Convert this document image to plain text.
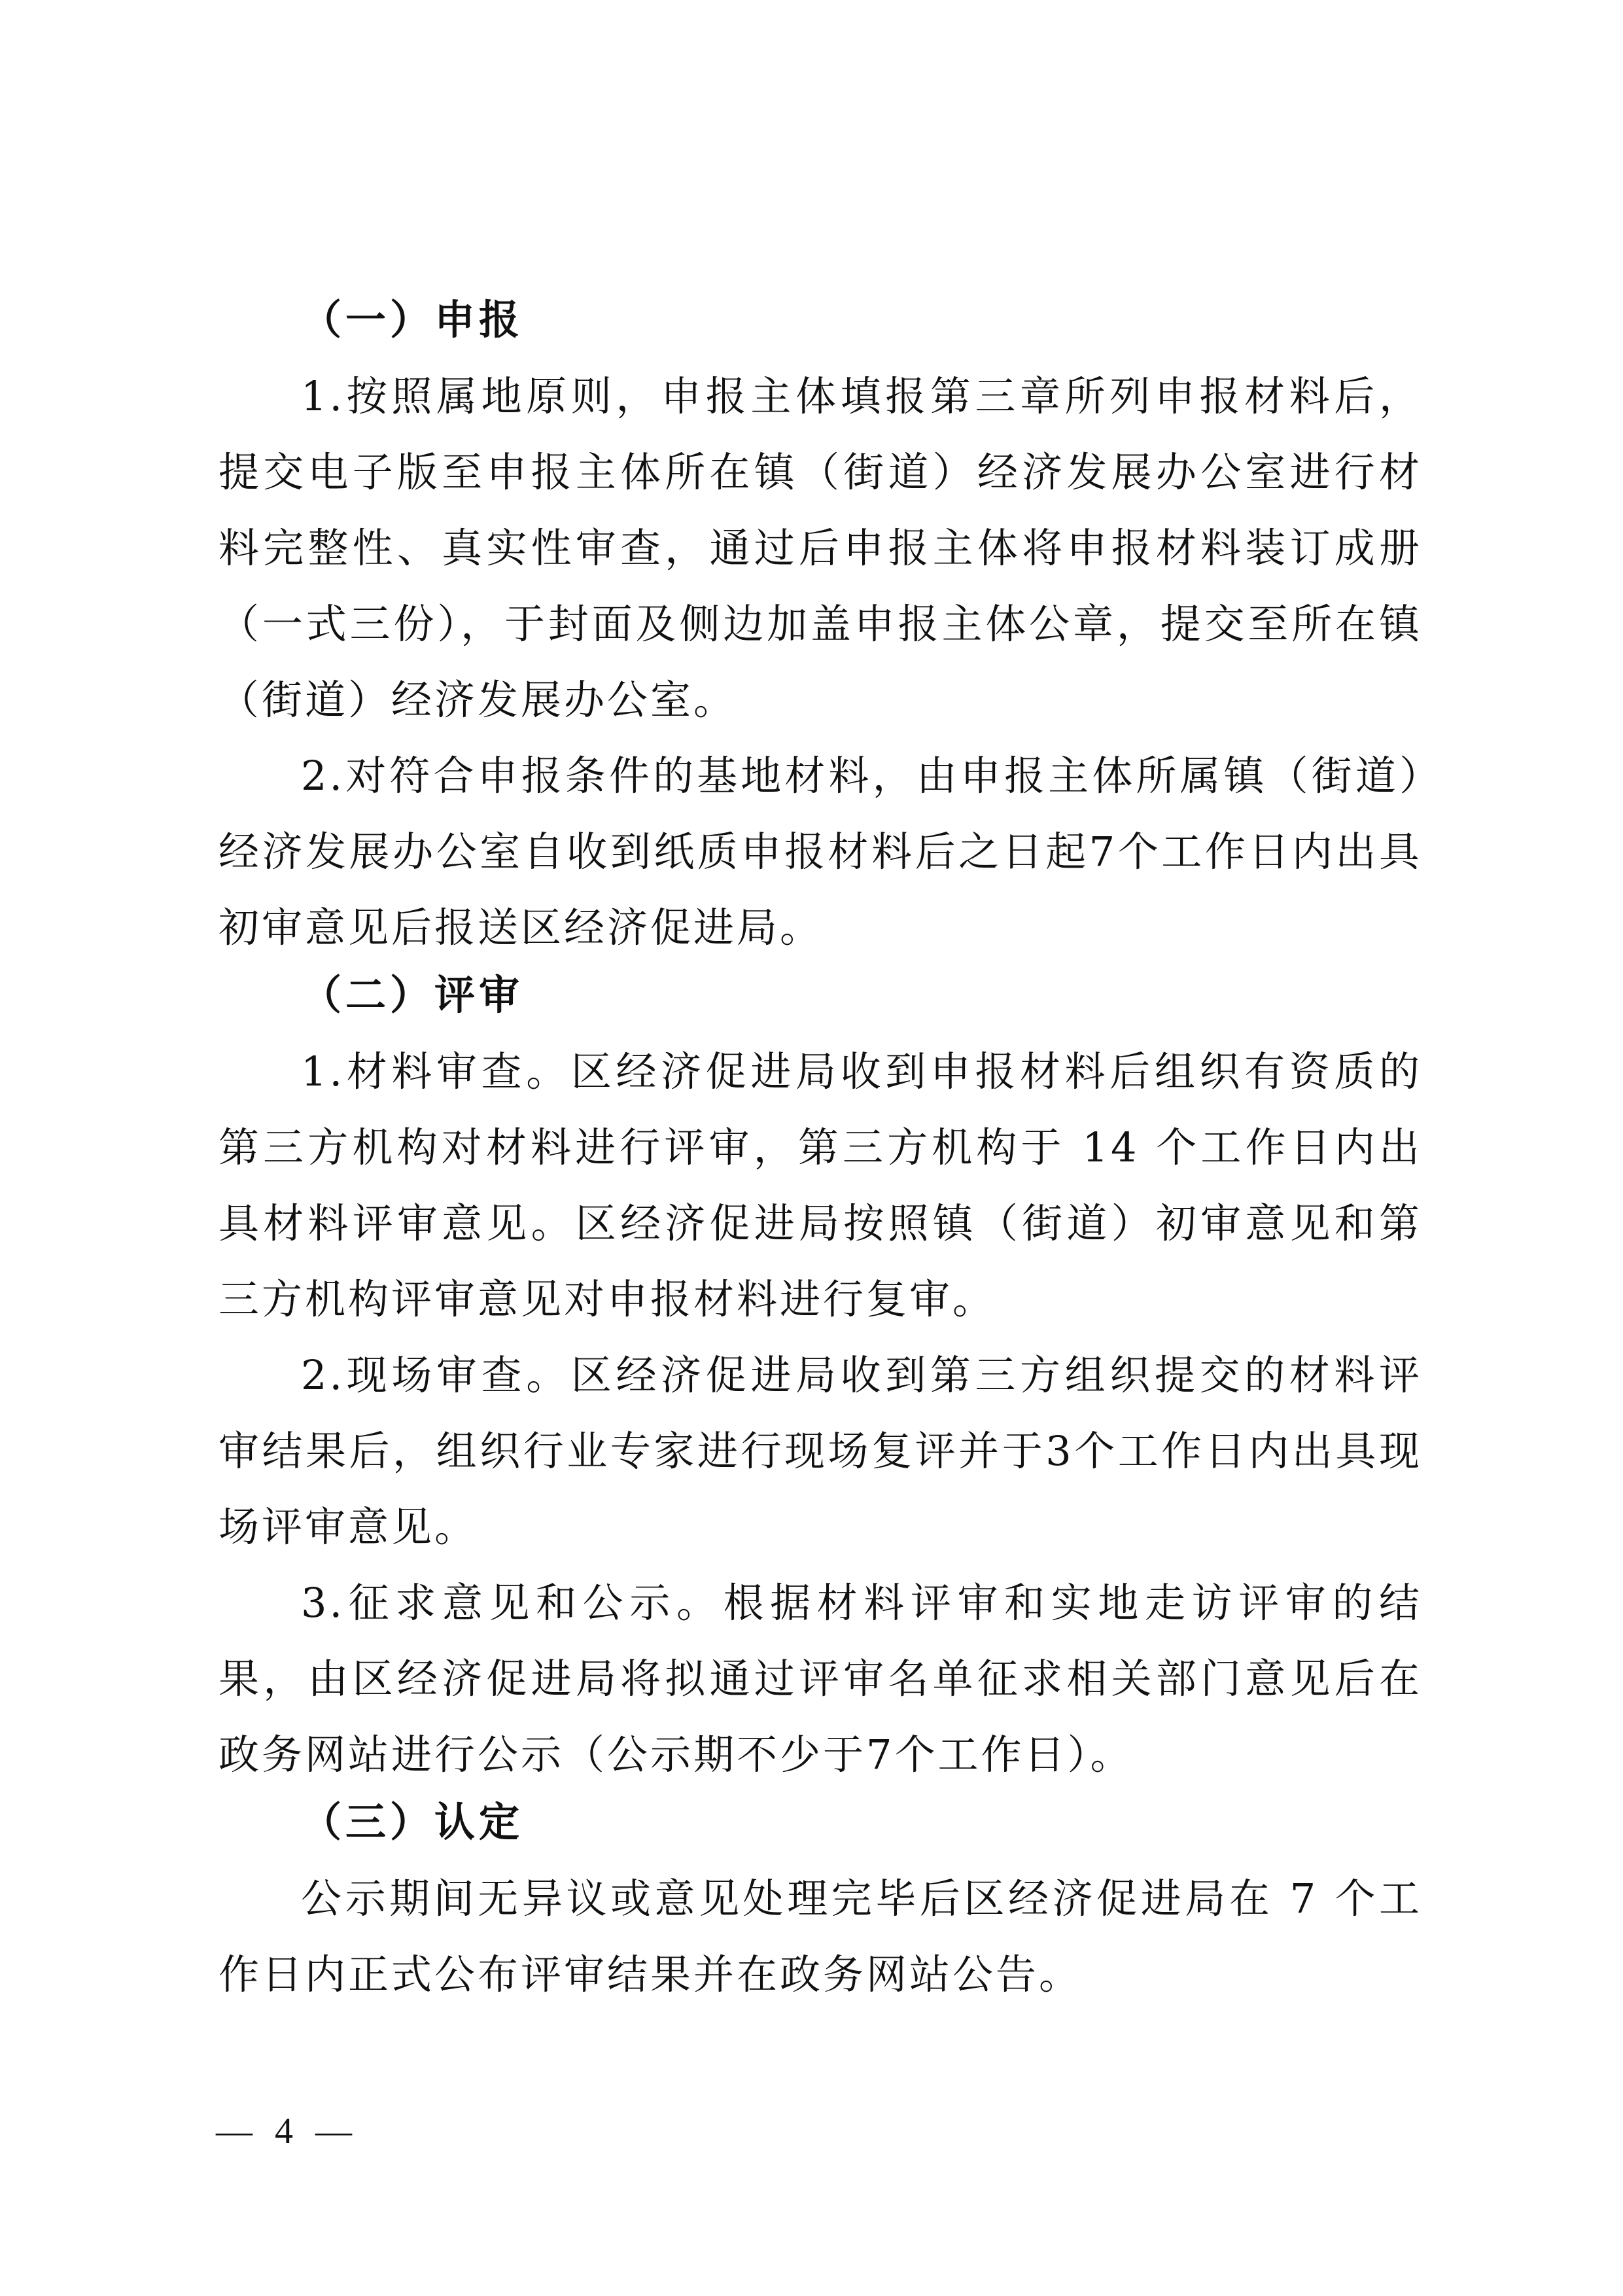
（一）申报

1.按照属地原则，申报主体填报第三章所列申报材料后，提交电子版至申报主体所在镇（街道）经济发展办公室进行材料完整性、真实性审查，通过后申报主体将申报材料装订成册（一式三份），于封面及侧边加盖申报主体公章，提交至所在镇（街道）经济发展办公室。

2.对符合申报条件的基地材料，由申报主体所属镇（街道）经济发展办公室自收到纸质申报材料后之日起7个工作日内出具初审意见后报送区经济促进局。

（二）评审

1.材料审查。区经济促进局收到申报材料后组织有资质的第三方机构对材料进行评审，第三方机构于 14 个工作日内出具材料评审意见。区经济促进局按照镇（街道）初审意见和第三方机构评审意见对申报材料进行复审。

2.现场审查。区经济促进局收到第三方组织提交的材料评审结果后，组织行业专家进行现场复评并于3个工作日内出具现场评审意见。

3.征求意见和公示。根据材料评审和实地走访评审的结果，由区经济促进局将拟通过评审名单征求相关部门意见后在政务网站进行公示（公示期不少于7个工作日）。

（三）认定

公示期间无异议或意见处理完毕后区经济促进局在 7 个工作日内正式公布评审结果并在政务网站公告。

— 4 —
